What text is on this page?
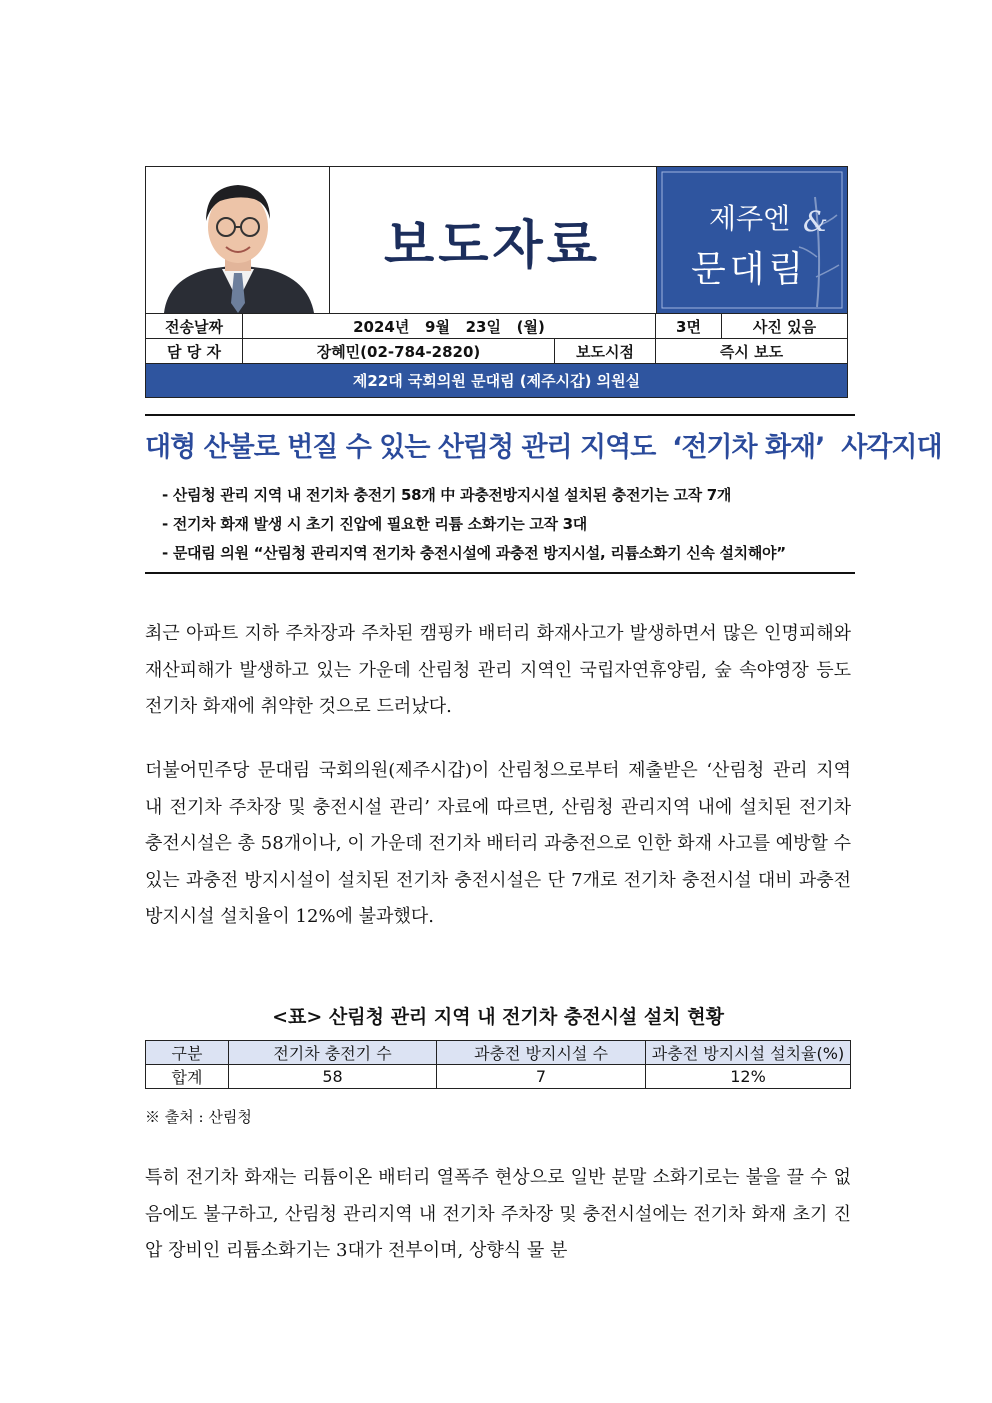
보도자료	제주엔 &
문대림
전송날짜	2024년   9월   23일   (월)	3면	사진 있음
담 당 자	장혜민(02-784-2820)	보도시점	즉시 보도
제22대 국회의원 문대림 (제주시갑) 의원실
대형 산불로 번질 수 있는 산림청 관리 지역도  ‘전기차 화재’  사각지대
- 산림청 관리 지역 내 전기차 충전기 58개 中 과충전방지시설 설치된 충전기는 고작 7개
- 전기차 화재 발생 시 초기 진압에 필요한 리튬 소화기는 고작 3대
- 문대림 의원 “산림청 관리지역 전기차 충전시설에 과충전 방지시설, 리튬소화기 신속 설치해야”
최근 아파트 지하 주차장과 주차된 캠핑카 배터리 화재사고가 발생하면서 많은 인명피해와 재산피해가 발생하고 있는 가운데 산림청 관리 지역인 국립자연휴양림, 숲 속야영장 등도 전기차 화재에 취약한 것으로 드러났다.
더불어민주당 문대림 국회의원(제주시갑)이 산림청으로부터 제출받은 ‘산림청 관리 지역 내 전기차 주차장 및 충전시설 관리’ 자료에 따르면, 산림청 관리지역 내에 설치된 전기차 충전시설은 총 58개이나, 이 가운데 전기차 배터리 과충전으로 인한 화재 사고를 예방할 수 있는 과충전 방지시설이 설치된 전기차 충전시설은 단 7개로 전기차 충전시설 대비 과충전 방지시설 설치율이 12%에 불과했다.
<표> 산림청 관리 지역 내 전기차 충전시설 설치 현황
구분	전기차 충전기 수	과충전 방지시설 수	과충전 방지시설 설치율(%)
합계	58	7	12%
※ 출처 : 산림청
특히 전기차 화재는 리튬이온 배터리 열폭주 현상으로 일반 분말 소화기로는 불을 끌 수 없음에도 불구하고, 산림청 관리지역 내 전기차 주차장 및 충전시설에는 전기차 화재 초기 진압 장비인 리튬소화기는 3대가 전부이며, 상향식 물 분
